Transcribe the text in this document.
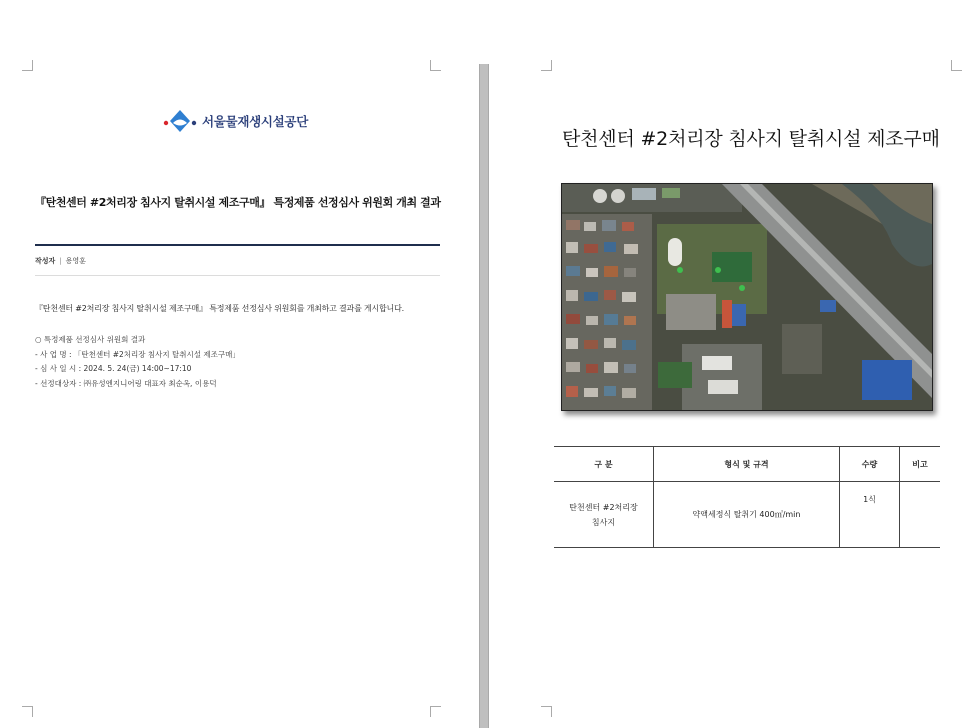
서울물재생시설공단
『탄천센터 #2처리장 침사지 탈취시설 제조구매』 특정제품 선정심사 위원회 개최 결과
작성자 | 용영훈
『탄천센터 #2처리장 침사지 탈취시설 제조구매』 특정제품 선정심사 위원회를 개최하고 결과를 게시합니다.
○ 특정제품 선정심사 위원회 결과
- 사 업 명 : 「탄천센터 #2처리장 침사지 탈취시설 제조구매」
- 심 사 일 시 : 2024. 5. 24(금) 14:00~17:10
- 선정대상자 : ㈜유성엔지니어링 대표자 최순옥, 이용덕
탄천센터 #2처리장 침사지 탈취시설 제조구매
구 분	형식 및 규격	수량	비고

탄천센터 #2처리장
침사지	약액세정식 탈취기 400㎥/min	1식	
